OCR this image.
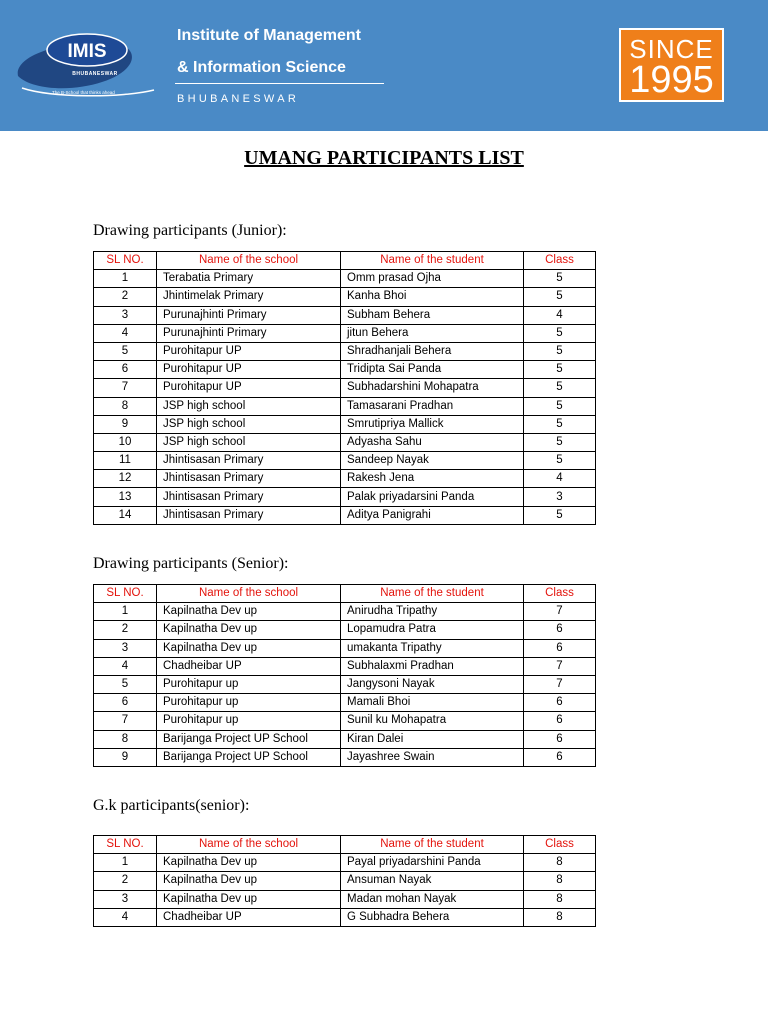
IMIS
BHUBANESWAR
The B-School that thinks ahead
Institute of Management
& Information Science
BHUBANESWAR
SINCE
1995
UMANG PARTICIPANTS LIST
Drawing participants (Junior):
SL NO.	Name of the school	Name of the student	Class
1	Terabatia Primary	Omm prasad Ojha	5
2	Jhintimelak Primary	Kanha Bhoi	5
3	Purunajhinti Primary	Subham Behera	4
4	Purunajhinti Primary	jitun Behera	5
5	Purohitapur UP	Shradhanjali Behera	5
6	Purohitapur UP	Tridipta Sai Panda	5
7	Purohitapur UP	Subhadarshini Mohapatra	5
8	JSP high school	Tamasarani Pradhan	5
9	JSP high school	Smrutipriya Mallick	5
10	JSP high school	Adyasha Sahu	5
11	Jhintisasan Primary	Sandeep Nayak	5
12	Jhintisasan Primary	Rakesh Jena	4
13	Jhintisasan Primary	Palak priyadarsini Panda	3
14	Jhintisasan Primary	Aditya Panigrahi	5
Drawing participants (Senior):
SL NO.	Name of the school	Name of the student	Class
1	Kapilnatha Dev up	Anirudha Tripathy	7
2	Kapilnatha Dev up	Lopamudra Patra	6
3	Kapilnatha Dev up	umakanta Tripathy	6
4	Chadheibar UP	Subhalaxmi Pradhan	7
5	Purohitapur up	Jangysoni Nayak	7
6	Purohitapur up	Mamali Bhoi	6
7	Purohitapur up	Sunil ku Mohapatra	6
8	Barijanga Project UP School	Kiran Dalei	6
9	Barijanga Project UP School	Jayashree Swain	6
G.k participants(senior):
SL NO.	Name of the school	Name of the student	Class
1	Kapilnatha Dev up	Payal priyadarshini Panda	8
2	Kapilnatha Dev up	Ansuman Nayak	8
3	Kapilnatha Dev up	Madan mohan Nayak	8
4	Chadheibar UP	G Subhadra Behera	8
